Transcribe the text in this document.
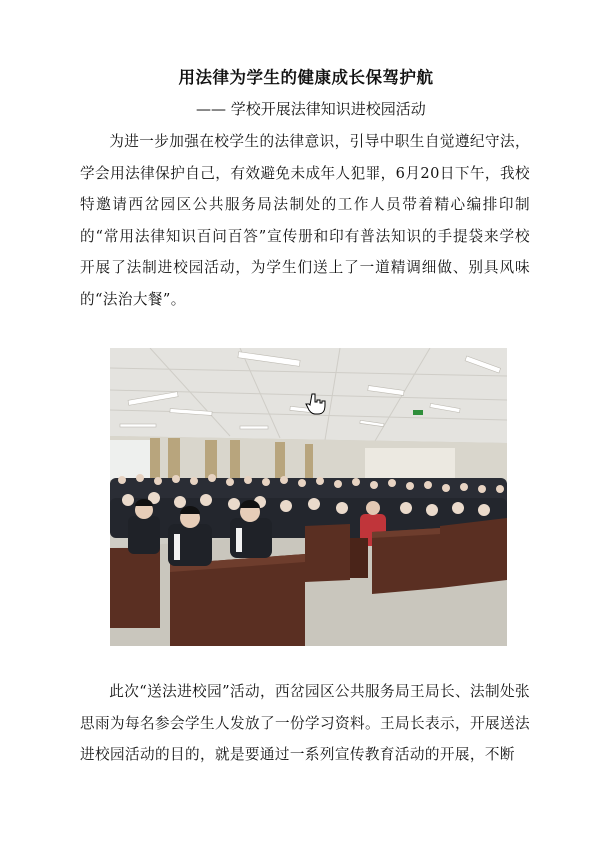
用法律为学生的健康成长保驾护航
—— 学校开展法律知识进校园活动

为进一步加强在校学生的法律意识，引导中职生自觉遵纪守法，学会用法律保护自己，有效避免未成年人犯罪，6月20日下午，我校特邀请西岔园区公共服务局法制处的工作人员带着精心编排印制的“常用法律知识百问百答”宣传册和印有普法知识的手提袋来学校开展了法制进校园活动，为学生们送上了一道精调细做、别具风味的“法治大餐”。

此次“送法进校园”活动，西岔园区公共服务局王局长、法制处张思雨为每名参会学生人发放了一份学习资料。王局长表示，开展送法进校园活动的目的，就是要通过一系列宣传教育活动的开展，不断
